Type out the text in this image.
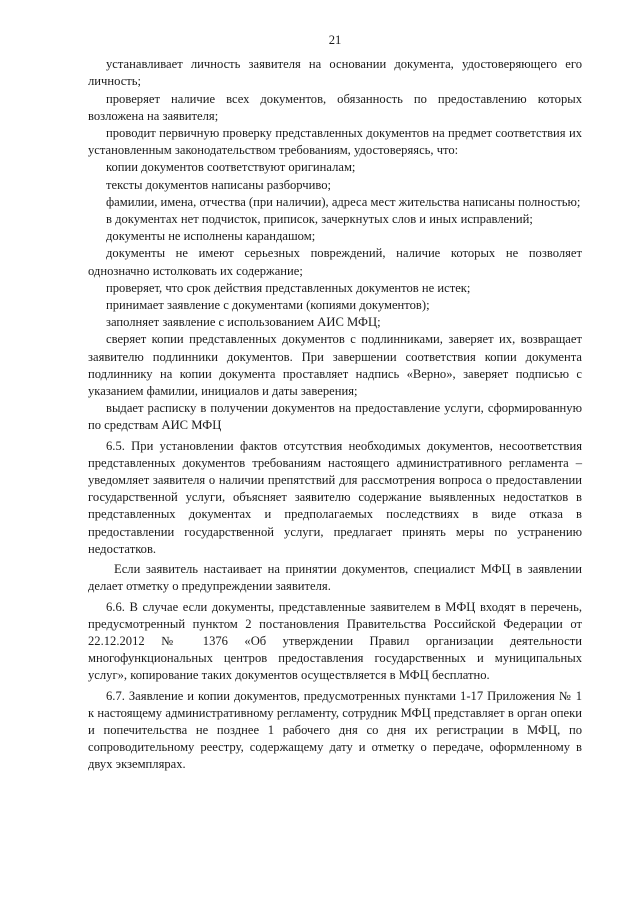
21

устанавливает личность заявителя на основании документа, удостоверяющего его личность;

проверяет наличие всех документов, обязанность по предоставлению которых возложена на заявителя;

проводит первичную проверку представленных документов на предмет соответствия их установленным законодательством требованиям, удостоверяясь, что:

копии документов соответствуют оригиналам;

тексты документов написаны разборчиво;

фамилии, имена, отчества (при наличии), адреса мест жительства написаны полностью;

в документах нет подчисток, приписок, зачеркнутых слов и иных исправлений;

документы не исполнены карандашом;

документы не имеют серьезных повреждений, наличие которых не позволяет однозначно истолковать их содержание;

проверяет, что срок действия представленных документов не истек;

принимает заявление с документами (копиями документов);

заполняет заявление с использованием АИС МФЦ;

сверяет копии представленных документов с подлинниками, заверяет их, возвращает заявителю подлинники документов. При завершении соответствия копии документа подлиннику на копии документа проставляет надпись «Верно», заверяет подписью с указанием фамилии, инициалов и даты заверения;

выдает расписку в получении документов на предоставление услуги, сформированную по средствам АИС МФЦ

6.5. При установлении фактов отсутствия необходимых документов, несоответствия представленных документов требованиям настоящего административного регламента – уведомляет заявителя о наличии препятствий для рассмотрения вопроса о предоставлении государственной услуги, объясняет заявителю содержание выявленных недостатков в представленных документах и предполагаемых последствиях в виде отказа в предоставлении государственной услуги, предлагает принять меры по устранению недостатков.

Если заявитель настаивает на принятии документов, специалист МФЦ в заявлении делает отметку о предупреждении заявителя.

6.6. В случае если документы, представленные заявителем в МФЦ входят в перечень, предусмотренный пунктом 2 постановления Правительства Российской Федерации от 22.12.2012 № 1376 «Об утверждении Правил организации деятельности многофункциональных центров предоставления государственных и муниципальных услуг», копирование таких документов осуществляется в МФЦ бесплатно.

6.7. Заявление и копии документов, предусмотренных пунктами 1-17 Приложения № 1 к настоящему административному регламенту, сотрудник МФЦ представляет в орган опеки и попечительства не позднее 1 рабочего дня со дня их регистрации в МФЦ, по сопроводительному реестру, содержащему дату и отметку о передаче, оформленному в двух экземплярах.
